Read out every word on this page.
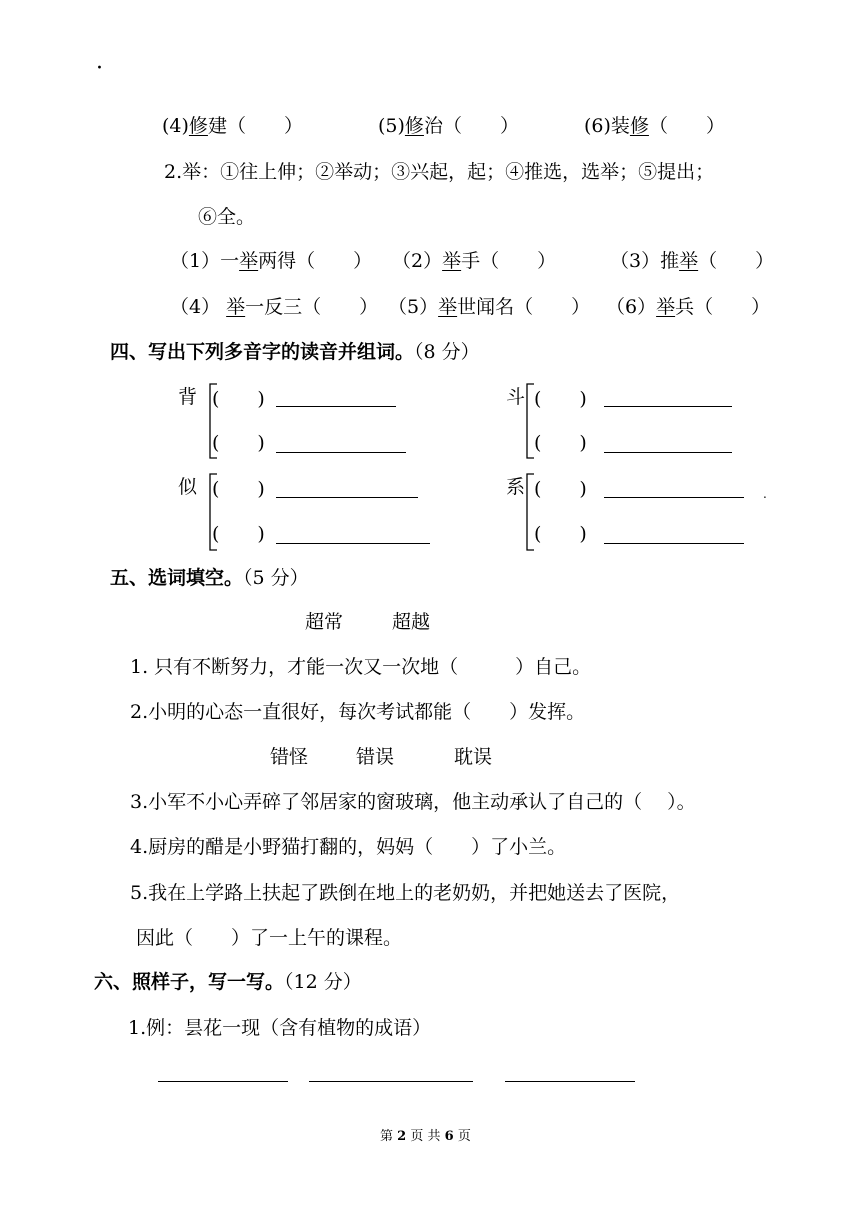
·
(4)修建（　　）	(5)修治（　　）	(6)装修（　　）
2.举：①往上伸；②举动；③兴起，起；④推选，选举；⑤提出；
⑥全。
（1）一举两得（　　） （2）举手（　　）	（3）推举（　　）
（4） 举一反三（　　） （5）举世闻名（　　） （6）举兵（　　）
四、写出下列多音字的读音并组词。（8 分）
背 (　　)
(　　)
斗 (　　)
(　　)
似 (　　)
(　　)
系 (　　)
(　　)
.
五、选词填空。（5 分）
超常	超越
1. 只有不断努力，才能一次又一次地（　　　）自己。
2.小明的心态一直很好，每次考试都能（　　）发挥。
错怪	错误	耽误
3.小军不小心弄碎了邻居家的窗玻璃，他主动承认了自己的（　 ）。
4.厨房的醋是小野猫打翻的，妈妈（　　）了小兰。
5.我在上学路上扶起了跌倒在地上的老奶奶，并把她送去了医院，
因此（　　）了一上午的课程。
六、照样子，写一写。（12 分）
1.例：昙花一现（含有植物的成语）
第 2 页 共 6 页
